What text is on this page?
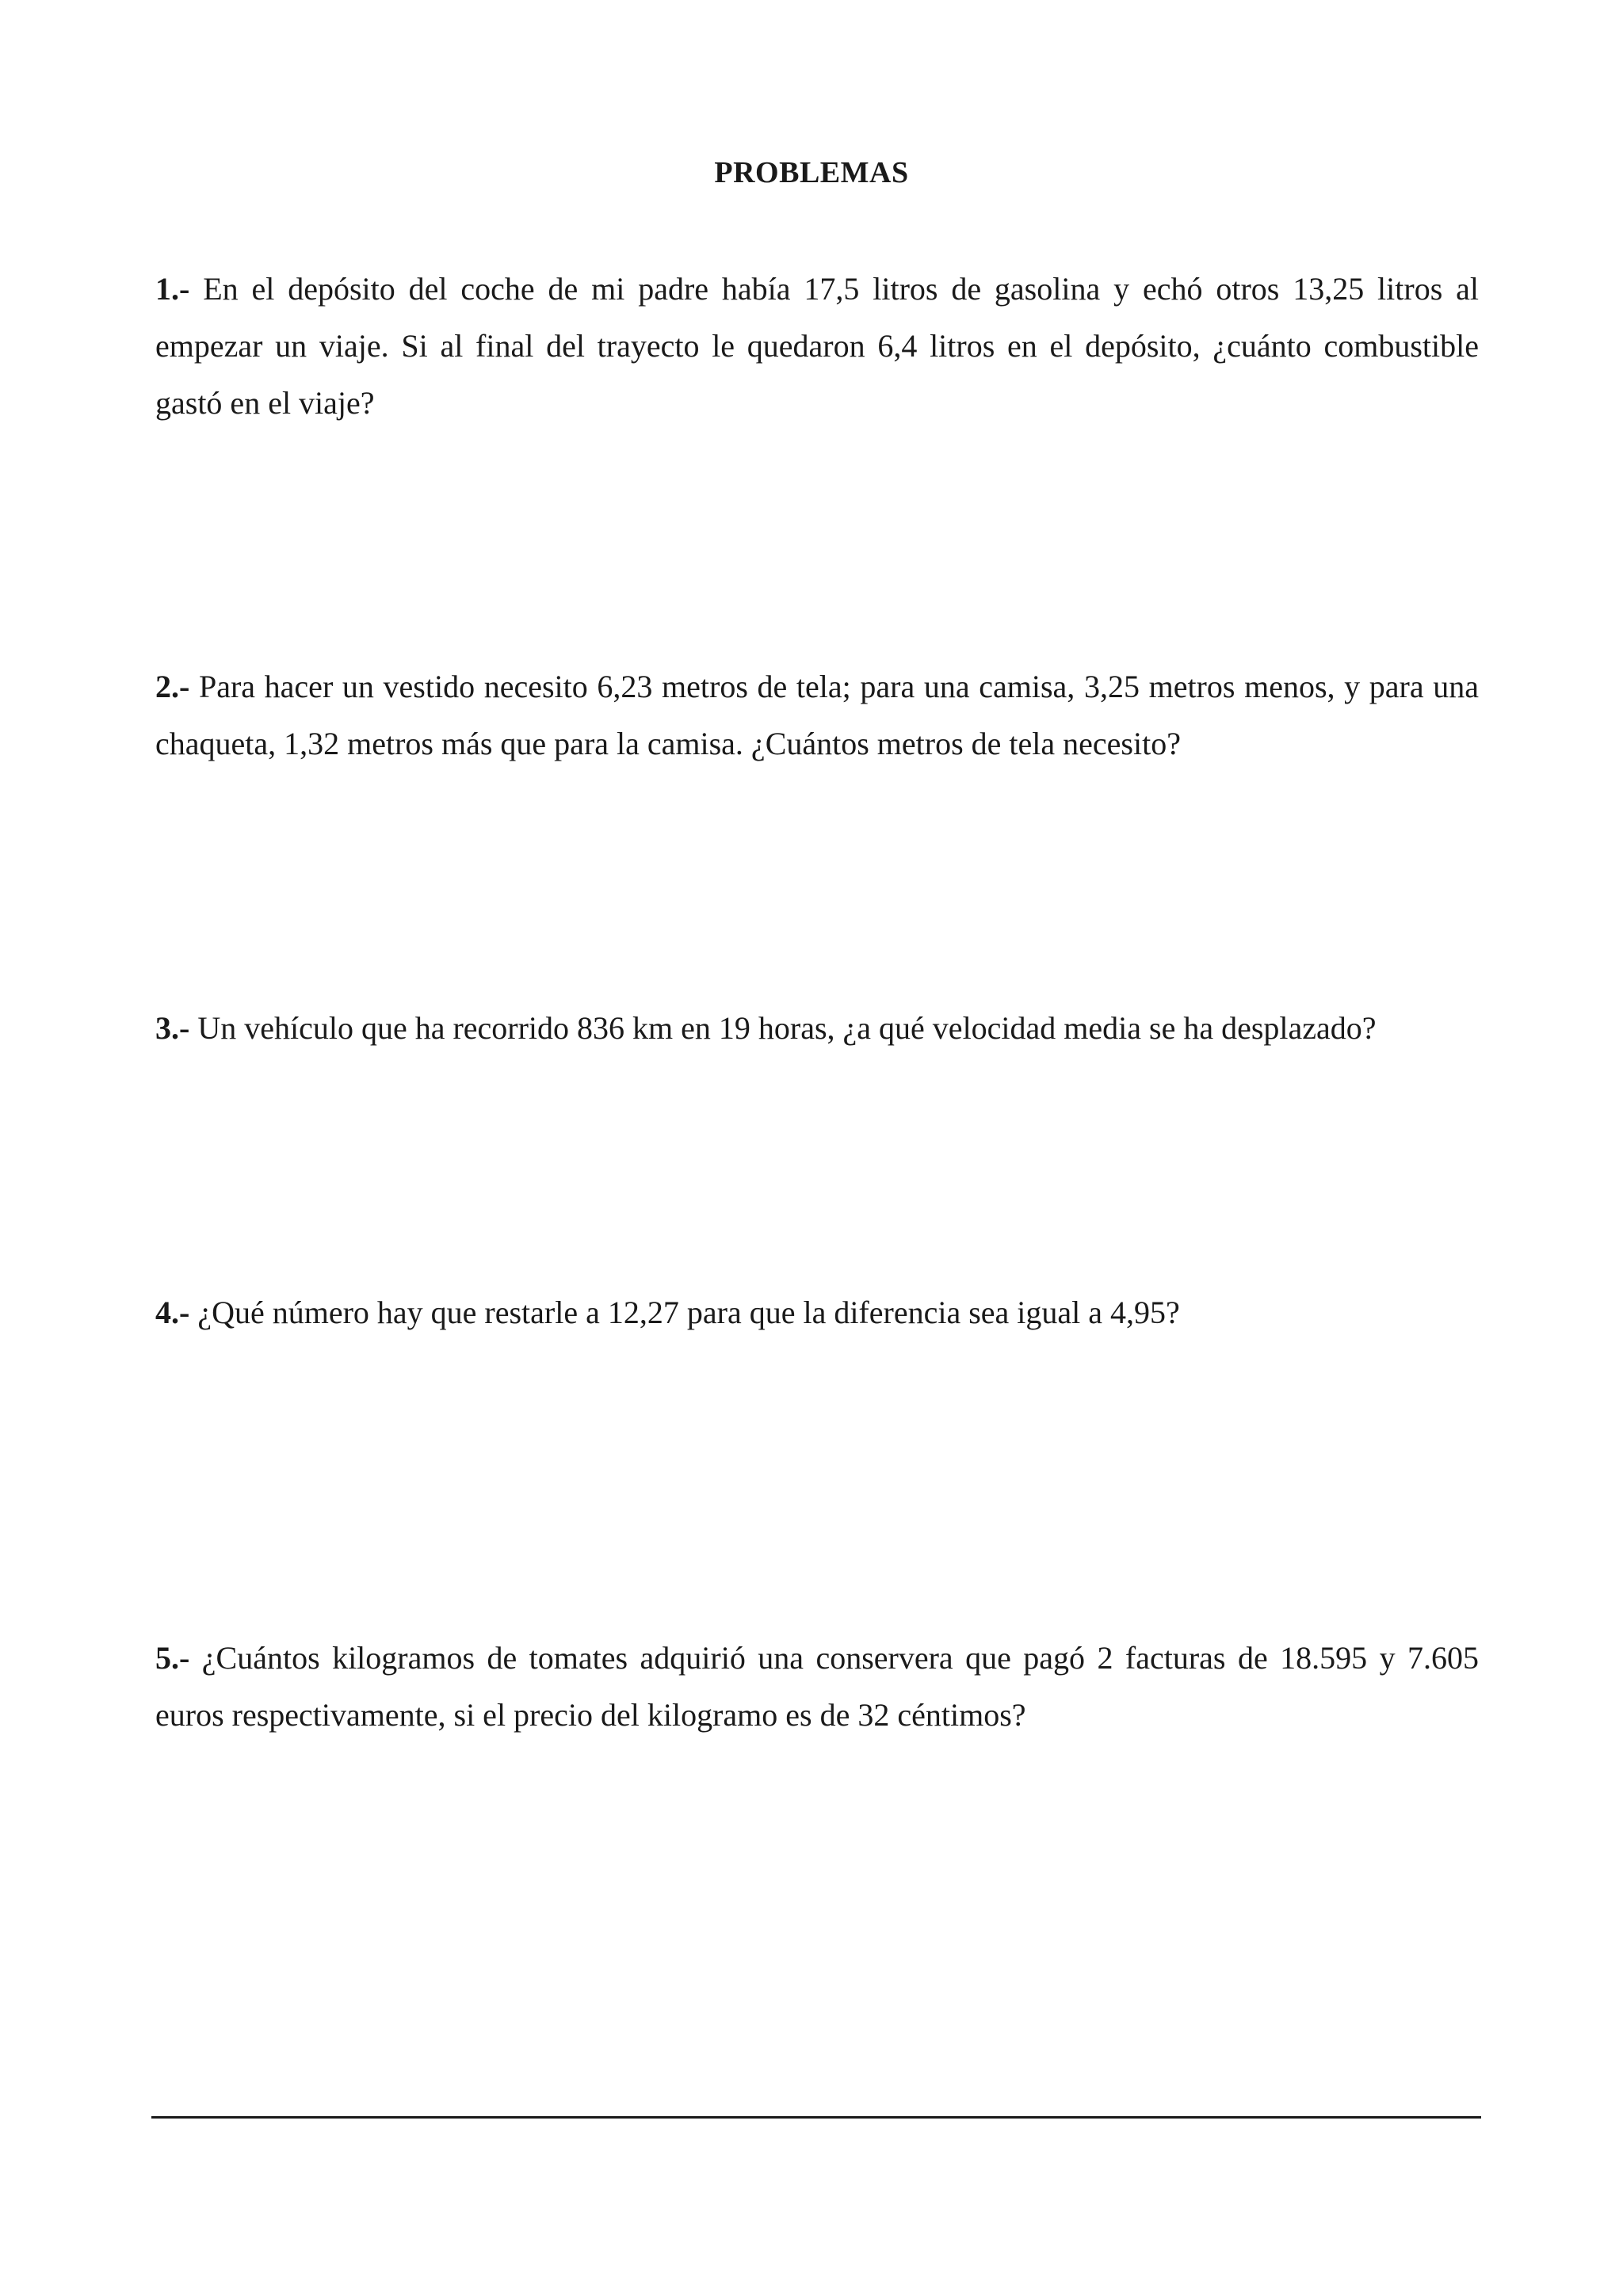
PROBLEMAS

1.- En el depósito del coche de mi padre había 17,5 litros de gasolina y echó otros 13,25 litros al empezar un viaje. Si al final del trayecto le quedaron 6,4 litros en el depósito, ¿cuánto combustible gastó en el viaje?

2.- Para hacer un vestido necesito 6,23 metros de tela; para una camisa, 3,25 metros menos, y para una chaqueta, 1,32 metros más que para la camisa. ¿Cuántos metros de tela necesito?

3.- Un vehículo que ha recorrido 836 km en 19 horas, ¿a qué velocidad media se ha desplazado?

4.- ¿Qué número hay que restarle a 12,27 para que la diferencia sea igual a 4,95?

5.- ¿Cuántos kilogramos de tomates adquirió una conservera que pagó 2 facturas de 18.595 y 7.605 euros respectivamente, si el precio del kilogramo es de 32 céntimos?
